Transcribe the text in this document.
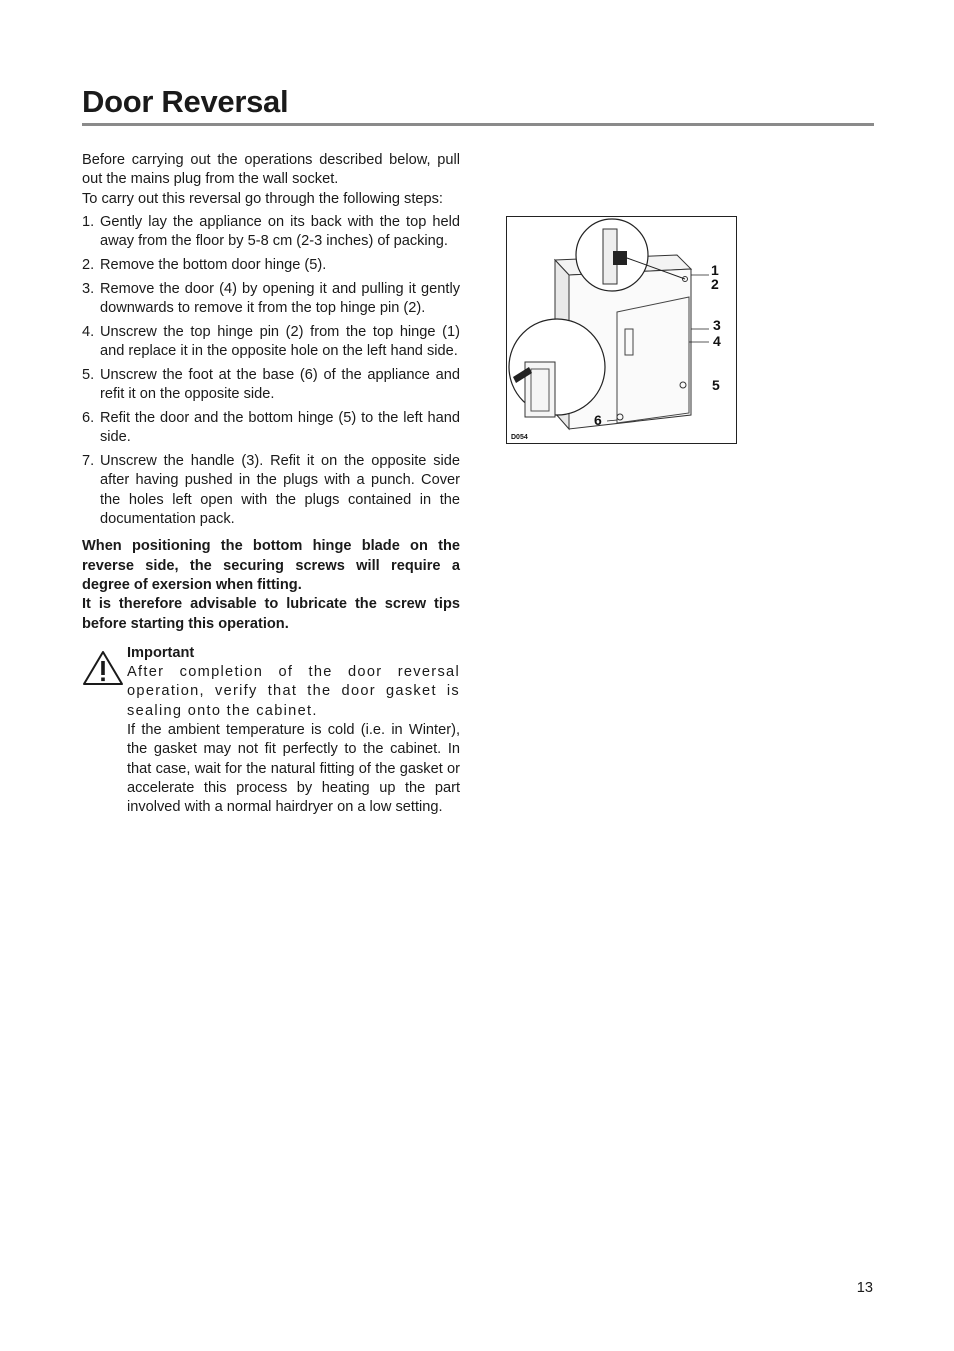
Door Reversal

Before carrying out the operations described below, pull out the mains plug from the wall socket.

To carry out this reversal go through the following steps:

1. Gently lay the appliance on its back with the top held away from the floor by 5-8 cm (2-3 inches) of packing.
2. Remove the bottom door hinge (5).
3. Remove the door (4) by opening it and pulling it gently downwards to remove it from the top hinge pin (2).
4. Unscrew the top hinge pin (2) from the top hinge (1) and replace it in the opposite hole on the left hand side.
5. Unscrew the foot at the base (6) of the appliance and refit it on the opposite side.
6. Refit the door and the bottom hinge (5) to the left hand side.
7. Unscrew the handle (3). Refit it on the opposite side after having pushed in the plugs with a punch. Cover the holes left open with the plugs contained in the documentation pack.

When positioning the bottom hinge blade on the reverse side, the securing screws will require a degree of exersion when fitting.

It is therefore advisable to lubricate the screw tips before starting this operation.

Important

After completion of the door reversal operation, verify that the door gasket is sealing onto the cabinet.

If the ambient temperature is cold (i.e. in Winter), the gasket may not fit perfectly to the cabinet. In that case, wait for the natural fitting of the gasket or accelerate this process by heating up the part involved with a normal hairdryer on a low setting.

1
2
3
4
5
6
D054
13
